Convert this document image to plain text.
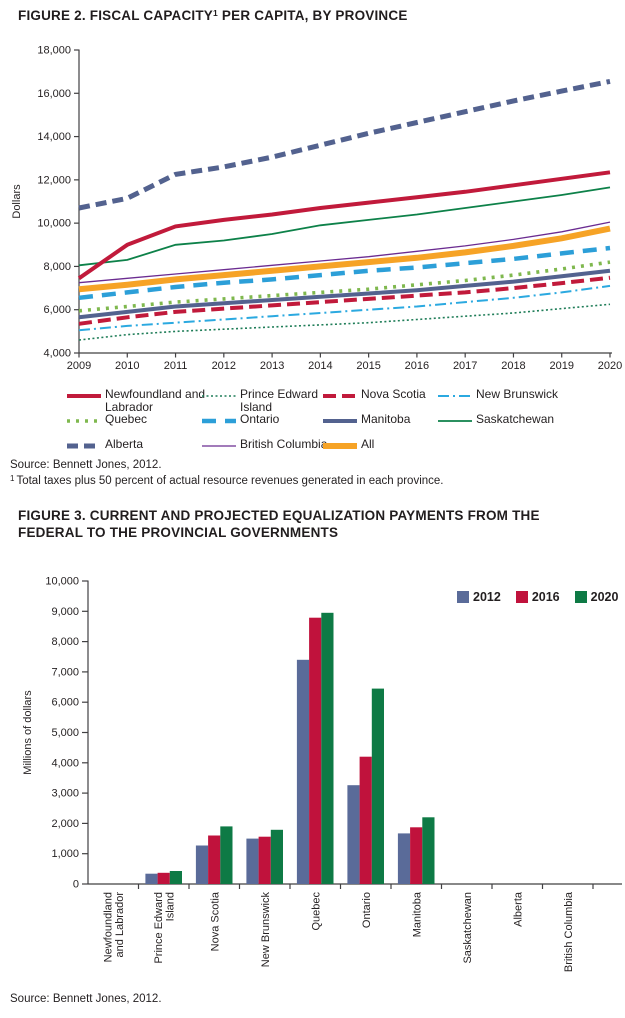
FIGURE 2. FISCAL CAPACITY$^1$ PER CAPITA, BY PROVINCE
4,000
6,000
8,000
10,000
12,000
14,000
16,000
18,000
2009 2010 2011 2012 2013 2014 2015 2016 2017 2018 2019 2020
Dollars
Newfoundland and Labrador
Prince Edward Island
Nova Scotia	New Brunswick
Quebec	Ontario	Manitoba	Saskatchewan
Alberta	British Columbia	All
Source: Bennett Jones, 2012.
$^1$ Total taxes plus 50 percent of actual resource revenues generated in each province.
FIGURE 3. CURRENT AND PROJECTED EQUALIZATION PAYMENTS FROM THE
FEDERAL TO THE PROVINCIAL GOVERNMENTS
0
1,000
2,000
3,000
4,000
5,000
6,000
7,000
8,000
9,000
10,000
Millions of dollars
Newfoundland and Labrador Prince Edward Island	Nova Scotia	New Brunswick	Quebec	Ontario	Manitoba	Saskatchewan	Alberta	British Columbia
2012 2016 2020
Source: Bennett Jones, 2012.
